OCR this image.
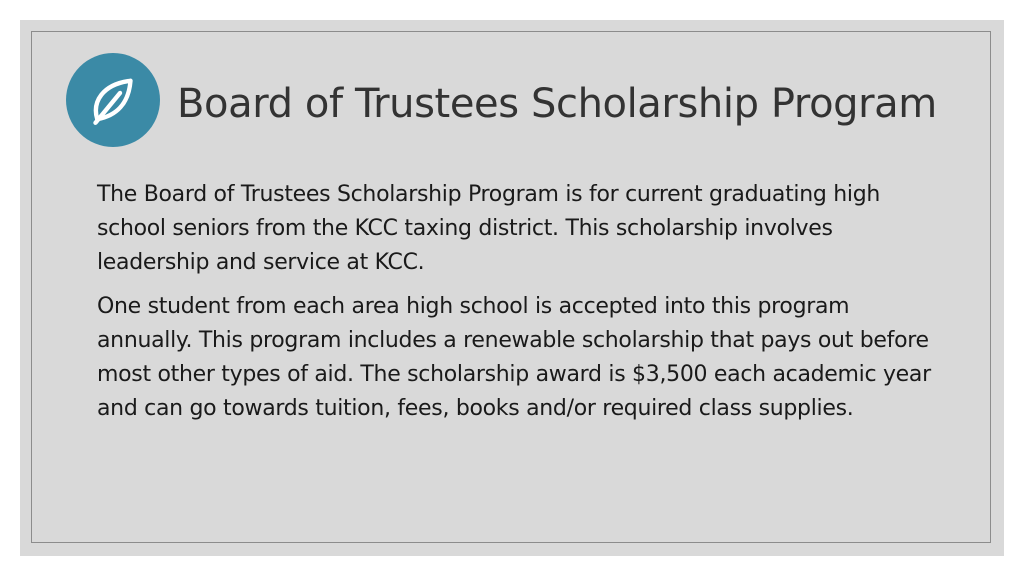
Board of Trustees Scholarship Program

The Board of Trustees Scholarship Program is for current graduating high school seniors from the KCC taxing district. This scholarship involves leadership and service at KCC.

One student from each area high school is accepted into this program annually. This program includes a renewable scholarship that pays out before most other types of aid. The scholarship award is $3,500 each academic year and can go towards tuition, fees, books and/or required class supplies.
